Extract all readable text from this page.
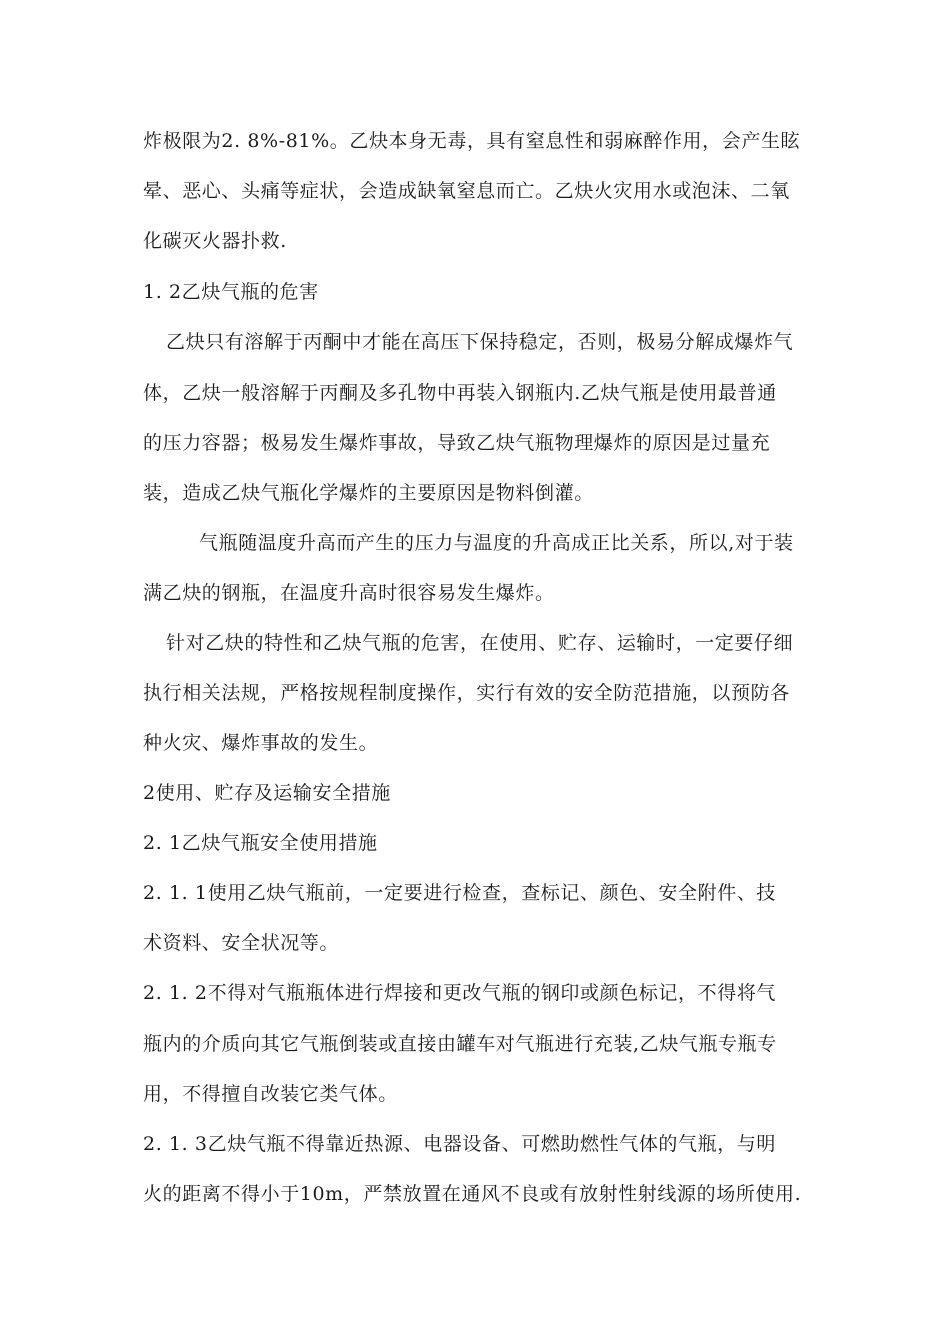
炸极限为2. 8%-81%。乙炔本身无毒，具有窒息性和弱麻醉作用，会产生眩
晕、恶心、头痛等症状，会造成缺氧窒息而亡。乙炔火灾用水或泡沫、二氧
化碳灭火器扑救.
1. 2乙炔气瓶的危害
乙炔只有溶解于丙酮中才能在高压下保持稳定，否则，极易分解成爆炸气
体，乙炔一般溶解于丙酮及多孔物中再装入钢瓶内.乙炔气瓶是使用最普通
的压力容器；极易发生爆炸事故，导致乙炔气瓶物理爆炸的原因是过量充
装，造成乙炔气瓶化学爆炸的主要原因是物料倒灌。
气瓶随温度升高而产生的压力与温度的升高成正比关系，所以,对于装
满乙炔的钢瓶，在温度升高时很容易发生爆炸。
针对乙炔的特性和乙炔气瓶的危害，在使用、贮存、运输时，一定要仔细
执行相关法规，严格按规程制度操作，实行有效的安全防范措施，以预防各
种火灾、爆炸事故的发生。
2使用、贮存及运输安全措施
2. 1乙炔气瓶安全使用措施
2. 1. 1使用乙炔气瓶前，一定要进行检查，查标记、颜色、安全附件、技
术资料、安全状况等。
2. 1. 2不得对气瓶瓶体进行焊接和更改气瓶的钢印或颜色标记，不得将气
瓶内的介质向其它气瓶倒装或直接由罐车对气瓶进行充装,乙炔气瓶专瓶专
用，不得擅自改装它类气体。
2. 1. 3乙炔气瓶不得靠近热源、电器设备、可燃助燃性气体的气瓶，与明
火的距离不得小于10m，严禁放置在通风不良或有放射性射线源的场所使用.
